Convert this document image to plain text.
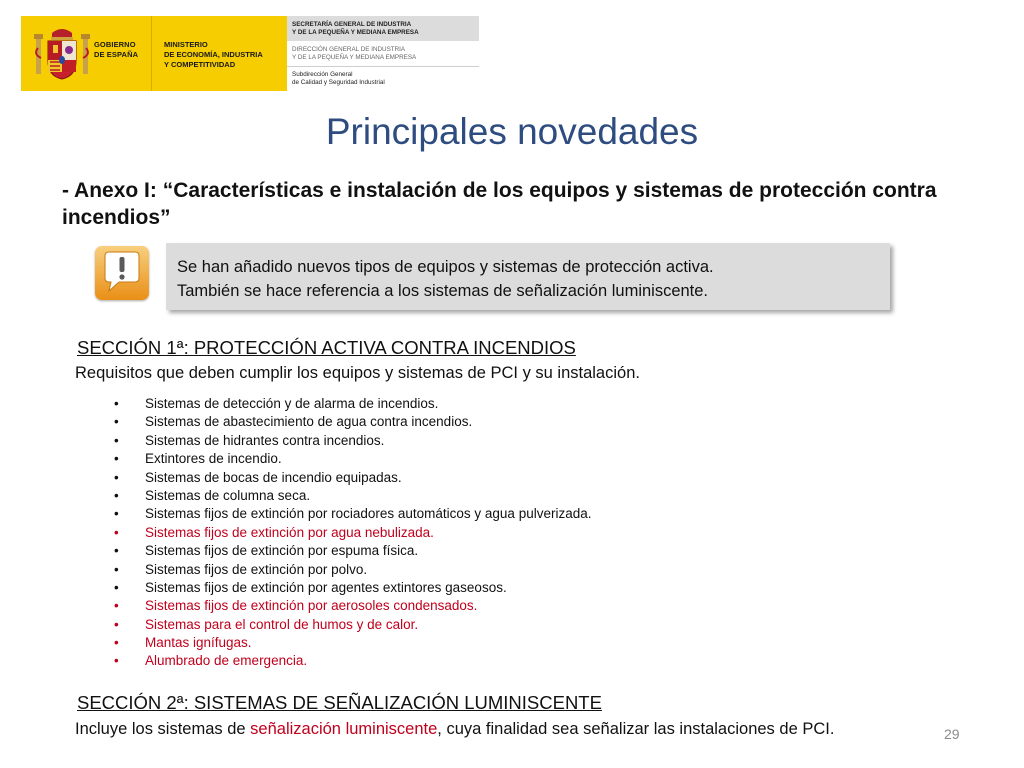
GOBIERNO
DE ESPAÑA
MINISTERIO
DE ECONOMÍA, INDUSTRIA
Y COMPETITIVIDAD
SECRETARÍA GENERAL DE INDUSTRIA
Y DE LA PEQUEÑA Y MEDIANA EMPRESA
DIRECCIÓN GENERAL DE INDUSTRIA
Y DE LA PEQUEÑA Y MEDIANA EMPRESA
Subdirección General
de Calidad y Seguridad Industrial
Principales novedades
- Anexo I: “Características e instalación de los equipos y sistemas de protección contra incendios”
Se han añadido nuevos tipos de equipos y sistemas de protección activa.
También se hace referencia a los sistemas de señalización luminiscente.
SECCIÓN 1ª: PROTECCIÓN ACTIVA CONTRA INCENDIOS
Requisitos que deben cumplir los equipos y sistemas de PCI y su instalación.
• Sistemas de detección y de alarma de incendios.
• Sistemas de abastecimiento de agua contra incendios.
• Sistemas de hidrantes contra incendios.
• Extintores de incendio.
• Sistemas de bocas de incendio equipadas.
• Sistemas de columna seca.
• Sistemas fijos de extinción por rociadores automáticos y agua pulverizada.
• Sistemas fijos de extinción por agua nebulizada.
• Sistemas fijos de extinción por espuma física.
• Sistemas fijos de extinción por polvo.
• Sistemas fijos de extinción por agentes extintores gaseosos.
• Sistemas fijos de extinción por aerosoles condensados.
• Sistemas para el control de humos y de calor.
• Mantas ignífugas.
• Alumbrado de emergencia.
SECCIÓN 2ª: SISTEMAS DE SEÑALIZACIÓN LUMINISCENTE
Incluye los sistemas de señalización luminiscente, cuya finalidad sea señalizar las instalaciones de PCI.	29
